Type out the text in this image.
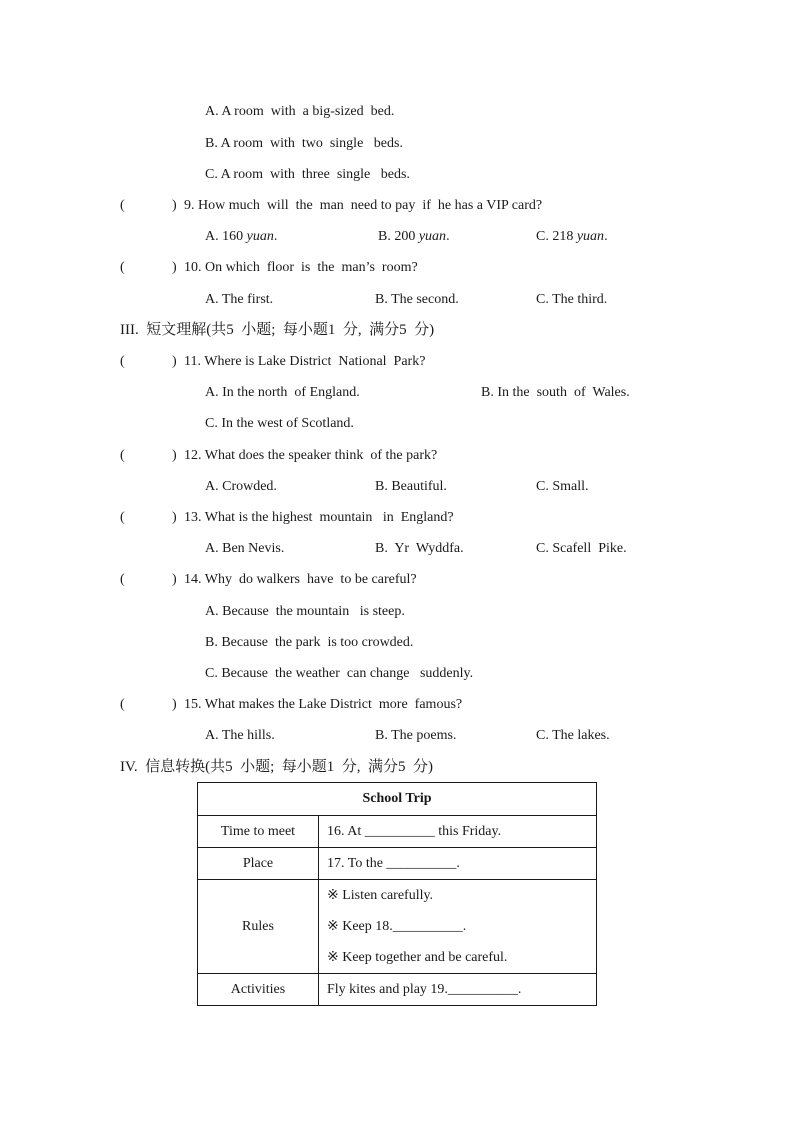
A. A room  with  a big-sized  bed.
B. A room  with  two  single   beds.
C. A room  with  three  single   beds.
(	) 9. How much  will  the  man  need to pay  if  he has a VIP card?
A. 160 yuan.	B. 200 yuan.	C. 218 yuan.
(	) 10. On which  floor  is  the  man’s  room?
A. The first.	B. The second.	C. The third.
III.  短文理解(共5  小题;  每小题1  分,  满分5  分)
(	) 11. Where is Lake District  National  Park?
A. In the north  of England.	B. In the  south  of  Wales.
C. In the west of Scotland.
(	) 12. What does the speaker think  of the park?
A. Crowded.	B. Beautiful.	C. Small.
(	) 13. What is the highest  mountain   in  England?
A. Ben Nevis.	B.  Yr  Wyddfa.	C. Scafell  Pike.
(	) 14. Why  do walkers  have  to be careful?
A. Because  the mountain   is steep.
B. Because  the park  is too crowded.
C. Because  the weather  can change   suddenly.
(	) 15. What makes the Lake District  more  famous?
A. The hills.	B. The poems.	C. The lakes.
IV.  信息转换(共5  小题;  每小题1  分,  满分5  分)
School Trip	
Time to meet	16. At __________ this Friday.
Place	17. To the __________.
Rules	※ Listen carefully.
※ Keep 18.__________.
※ Keep together and be careful.

Activities	Fly kites and play 19.__________.
